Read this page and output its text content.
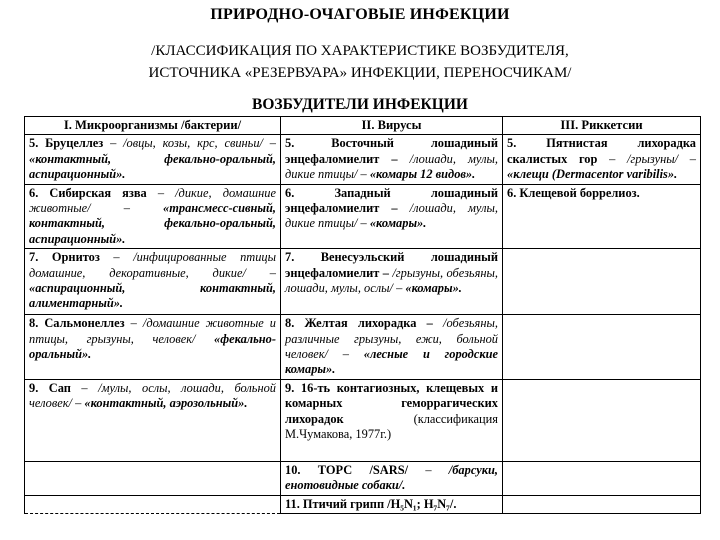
ПРИРОДНО-ОЧАГОВЫЕ ИНФЕКЦИИ
/КЛАССИФИКАЦИЯ ПО ХАРАКТЕРИСТИКЕ ВОЗБУДИТЕЛЯ,
ИСТОЧНИКА «РЕЗЕРВУАРА» ИНФЕКЦИИ, ПЕРЕНОСЧИКАМ/
ВОЗБУДИТЕЛИ ИНФЕКЦИИ
I. Микроорганизмы /бактерии/	II. Вирусы	III. Риккетсии
5. Бруцеллез – /овцы, козы, крс, свиньи/ – «контактный, фекально-оральный, аспирационный».	5. Восточный лошадиный энцефаломиелит – /лошади, мулы, дикие птицы/ – «комары 12 видов».	5. Пятнистая лихорадка скалистых гор – /грызуны/ – «клещи (Dermacentor varibilis».
6. Сибирская язва – /дикие, домашние животные/ – «трансмесс-сивный, контактный, фекально-оральный, аспирационный».	6. Западный лошадиный энцефаломиелит – /лошади, мулы, дикие птицы/ – «комары».	6. Клещевой боррелиоз.
7. Орнитоз – /инфицированные птицы домашние, декоративные, дикие/ – «аспирационный, контактный, алиментарный».	7. Венесуэльский лошадиный энцефаломиелит – /грызуны, обезьяны, лошади, мулы, ослы/ – «комары».	
8. Сальмонеллез – /домашние животные и птицы, грызуны, человек/ «фекально-оральный».	8. Желтая лихорадка – /обезьяны, различные грызуны, ежи, больной человек/ – «лесные и городские комары».	
9. Сап – /мулы, ослы, лошади, больной человек/ – «контактный, аэрозольный».	9. 16-ть контагиозных, клещевых и комарных геморрагических лихорадок (классификация М.Чумакова, 1977г.)	
	10. ТОРС /SARS/ – /барсуки, енотовидные собаки/.	
	11. Птичий грипп /H₅N₁; H₇N₇/.	
